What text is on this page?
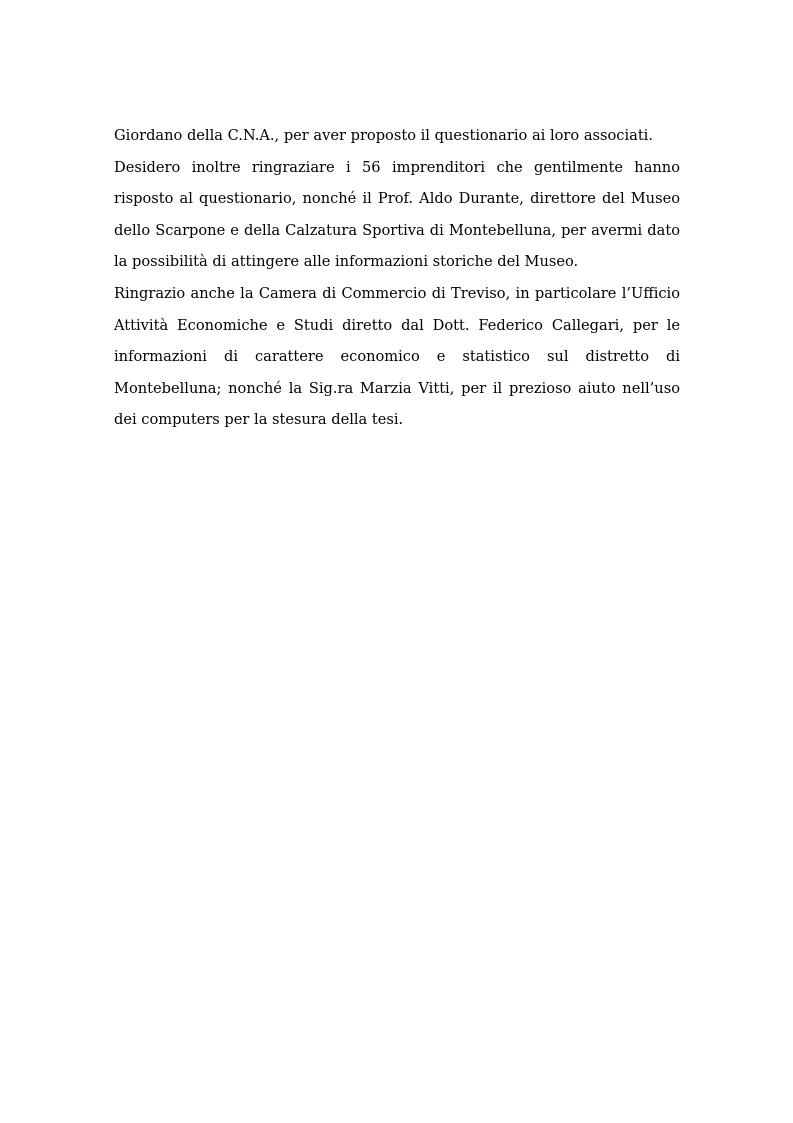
Giordano della C.N.A., per aver proposto il questionario ai loro associati.

Desidero inoltre ringraziare i 56 imprenditori che gentilmente hanno risposto al questionario, nonché il Prof. Aldo Durante, direttore del Museo dello Scarpone e della Calzatura Sportiva di Montebelluna, per avermi dato la possibilità di attingere alle informazioni storiche del Museo.

Ringrazio anche la Camera di Commercio di Treviso, in particolare l’Ufficio Attività Economiche e Studi diretto dal Dott. Federico Callegari, per le informazioni di carattere economico e statistico sul distretto di Montebelluna; nonché la Sig.ra Marzia Vitti, per il prezioso aiuto nell’uso dei computers per la stesura della tesi.
